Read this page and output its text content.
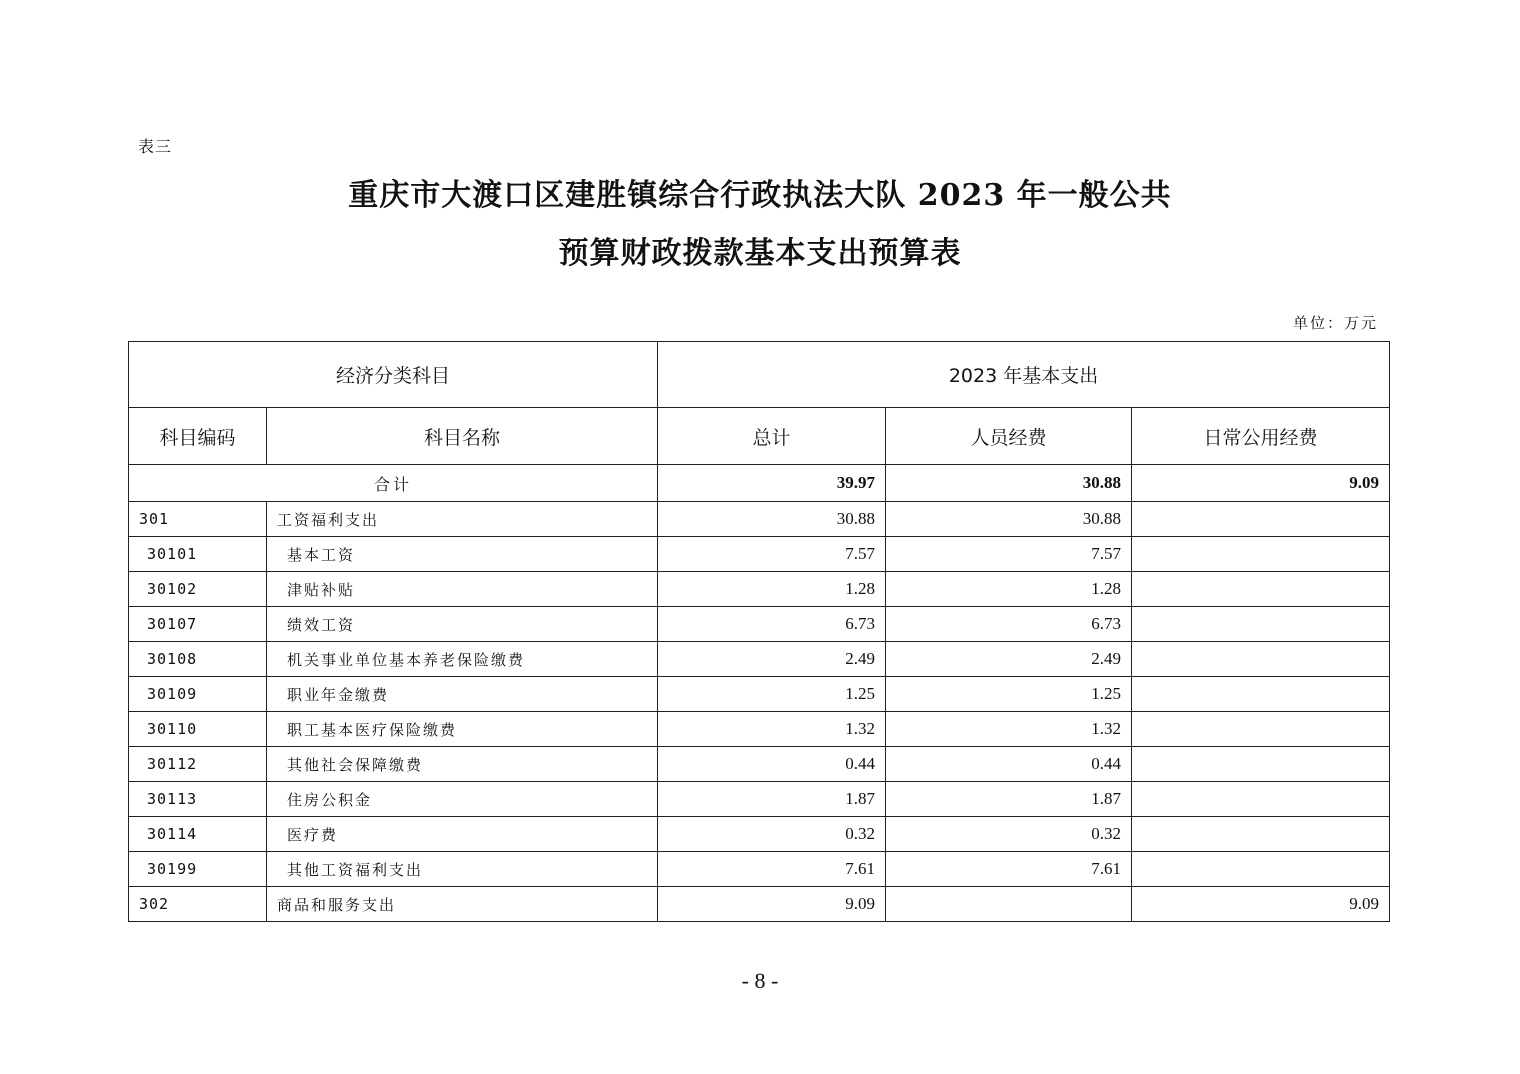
表三
重庆市大渡口区建胜镇综合行政执法大队 2023 年一般公共
预算财政拨款基本支出预算表
单位：万元
经济分类科目		2023 年基本支出		
科目编码	科目名称	总计	人员经费	日常公用经费
合计		39.97	30.88	9.09
301	工资福利支出	30.88	30.88	
30101	基本工资	7.57	7.57	
30102	津贴补贴	1.28	1.28	
30107	绩效工资	6.73	6.73	
30108	机关事业单位基本养老保险缴费	2.49	2.49	
30109	职业年金缴费	1.25	1.25	
30110	职工基本医疗保险缴费	1.32	1.32	
30112	其他社会保障缴费	0.44	0.44	
30113	住房公积金	1.87	1.87	
30114	医疗费	0.32	0.32	
30199	其他工资福利支出	7.61	7.61	
302	商品和服务支出	9.09		9.09
- 8 -
